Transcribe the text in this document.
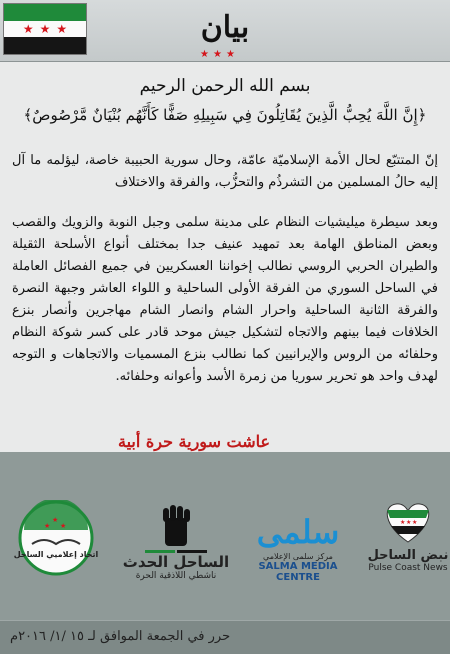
★
★
★	بيان
★
★
★
بسم الله الرحمن الرحيم
﴿إِنَّ اللَّهَ يُحِبُّ الَّذِينَ يُقَاتِلُونَ فِي سَبِيلِهِ صَفًّا كَأَنَّهُم بُنْيَانٌ مَّرْصُوصٌ﴾
إنّ المتتبّع لحال الأمة الإسلاميّة عامّة، وحال سورية الحبيبة خاصة، ليؤلمه ما آل إليه حالُ المسلمين من التشرذُم والتحزُّب، والفرقة والاختلاف
وبعد سيطرة ميليشيات النظام على مدينة سلمى وجبل النوبة والزويك والقصب وبعض المناطق الهامة بعد تمهيد عنيف جدا بمختلف أنواع الأسلحة الثقيلة والطيران الحربي الروسي نطالب إخواننا العسكريين في جميع الفصائل العاملة في الساحل السوري من الفرقة الأولى الساحلية و اللواء العاشر وجبهة النصرة والفرقة الثانية الساحلية واحرار الشام وانصار الشام مهاجرين وأنصار بنزع الخلافات فيما بينهم والاتجاه لتشكيل جيش موحد قادر على كسر شوكة النظام وحلفائه من الروس والإيرانيين كما نطالب بنزع المسميات والاتجاهات و التوجه لهدف واحد هو تحرير سوريا من زمرة الأسد وأعوانه وحلفائه.
عاشت سورية حرة أبية
★ ★ ★
نبض الساحل
Pulse Coast News
سلمى
مركز سلمى الإعلامي
SALMA MEDIA CENTRE
الساحل الحدث
ناشطي اللاذقية الحرة
★
★
★
اتحاد إعلاميي الساحل
حرر في الجمعة الموافق لـ ١٥ /١/ ٢٠١٦م
